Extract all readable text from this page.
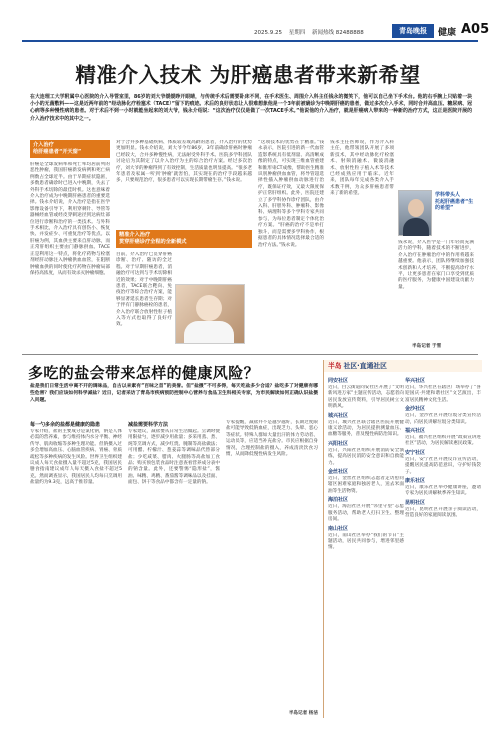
2025.9.25 星期四 新闻热线 82488888	青岛晚报	健康 A05
精准介入技术 为肝癌患者带来新希望
在大连理工大学附属中心医院的介入导管室里，86岁的刘大爷缓缓睁开眼睛，与传统手术后需要卧床不同，在手术医生、周围介入科主任钱永的微笑下，他可以自己坐下手术台。他的右手腕上只贴着一块小小的无菌敷料——这是近两年前的“经动脉化疗栓塞术（TACE）”留下的痕迹。术后的良好状态让人很难想象他是一个3年前被确诊为中晚期肝癌的患者，做过多次介入手术，同时合并高血压、糖尿病、冠心病等多种慢性病的患者。对于术后不到一小时就能坐起来的刘大爷，钱永介绍说：“这次治疗仅仅是做了一次TACE手术。”他说他的介入治疗，就是肝癌病人带来的一种新的治疗方式，这正是医院开展的介入治疗技术中的其中之一。
介入治疗
给肝癌患者“开天窗”
肝癌是全球发病率和死亡率均居前列的恶性肿瘤，我国肝癌新发病例和死亡病例数占全球近半。由于早期症状隐匿，多数患者确诊时已进入中晚期，失去了外科手术切除的最佳时机。这也意味着介入治疗成为中晚期肝癌患者的重要选择。钱永介绍说，介入治疗是指在医学影像设备引导下，利用穿刺针、导管等器械经血管或经皮穿刺途径到达病灶部位进行诊断和治疗的一类技术。与外科手术相比，介入治疗具有创伤小、恢复快、并发症少、可重复治疗等优点。以肝癌为例，其血供主要来自肝动脉，而正常肝组织主要由门静脉供血。TACE正是利用这一特点，将化疗药物与栓塞剂经肝动脉注入肿瘤供血血管，在阻断肿瘤血供的同时使化疗药物在肿瘤局部保持高浓度，从而有效杀灭肿瘤细胞。
对于合并多种基础疾病、体质较差或高龄的患者，介入治疗的优势更加明显。钱永介绍说，刘大爷今年86岁，3年前确诊肝癌时肿瘤已经较大，合并多种慢性病，无法耐受外科手术。医院多学科团队讨论后为其制定了以介入治疗为主的综合治疗方案。经过多次治疗，刘大爷的肿瘤得到了有效控制，生活质量也明显提高。“很多老年患者及家属一听到‘肿瘤’就害怕，其实现在的治疗手段越来越多，只要规范治疗，很多患者可以实现长期带瘤生存。”钱永说。
精准介入治疗
贯穿肝癌诊疗全程的全新模式
目前，介入治疗已贯穿肝癌诊断、治疗、随访的全过程。对于早期肝癌患者，消融治疗可达到与手术切除相近的效果；对于中晚期肝癌患者，TACE联合靶向、免疫治疗等综合治疗方案，能够显著延长患者生存期；对于伴有门静脉癌栓的患者，介入治疗联合放射性粒子植入等方式也取得了良好疗效。
“这项技术的优势在于精准。”钱永表示，医院引进的新一代血管造影系统具有低剂量、高清晰成像的特点，可实现三维血管重建和锥形束CT成像，帮助医生精准识别肿瘤供血血管，将导管超选择性插入肿瘤供血动脉进行治疗，既保证疗效，又最大限度保护正常肝组织。此外，医院还建立了多学科协作诊疗团队，由介入科、肝胆外科、肿瘤科、影像科、病理科等多个学科专家共同参与，为每位患者制定个体化治疗方案。“肝癌的治疗不是单打独斗，而是需要多学科协作，根据患者的具体情况选择最合适的治疗方法。”钱永说。
钱永主任医师说，作为介入科主任，他带领团队开展了多项新技术，其中经动脉化疗栓塞术、射频消融术、微波消融术、放射性粒子植入术等技术已经成熟应用于临床。近年来，团队每年完成各类介入手术数千例，为众多肝癌患者带来了新的希望。	学科带头人
托起肝癌患者“生的希望”
钱永说，介入医学是一门年轻而充满活力的学科，随着技术的不断进步，介入治疗在肿瘤治疗中的作用将越来越重要。他表示，团队将继续加强技术创新和人才培养，不断提高诊疗水平，让更多患者在家门口享受到优质的医疗服务，为健康中国建设贡献力量。
半岛记者 于雪
多吃的盐会带来怎样的健康风险？
盐是我们日常生活中离不开的调味品，自古以来素有“百味之首”的美誉。但“盐摄”不可多得，每天吃盐多少合适？盐吃多了对健康有哪些危害？我们应该如何科学减盐？近日，记者采访了青岛市疾病预防控制中心营养与食品卫生科相关专家，为市民解读如何正确认识盐摄入问题。
每一勺多余的盐都是健康的隐患
专家介绍，盐的主要成分是氯化钠，钠是人体必需的营养素，参与维持体内水分平衡、神经传导、肌肉收缩等多种生理功能。但钠摄入过多会增加高血压、心脑血管疾病、胃癌、骨质疏松等多种疾病的发生风险。世界卫生组织建议成人每天食盐摄入量不超过5克，我国居民膳食指南建议成年人每天摄入食盐不超过5克。然而调查显示，我国居民人均每日烹调用盐量约为9.3克，远高于推荐量。
减盐需要科学方法
专家建议，减盐要从日常生活做起。烹调时使用限盐勺，逐步减少用盐量；多采用蒸、煮、炖等烹调方式，减少红烧、腌制等高盐做法；可用醋、柠檬汁、葱姜蒜等调味品代替部分盐；少吃咸菜、腊肉、火腿肠等高盐加工食品；购买预包装食品时注意查看营养成分表中的钠含量。此外，还要警惕“隐形盐”，酱油、味精、鸡精、番茄酱等调味品以及挂面、面包、饼干等食品中都含有一定量的钠。
专家提醒，减盐并不是越少越好，长期过度限盐可能导致低钠血症，出现乏力、头晕、恶心等症状。特殊人群如大量出汗的体力劳动者、运动员等，应适当补充盐分。市民应根据自身情况，合理控制盐的摄入，养成清淡饮食习惯，从而降低慢性病发生风险。
半岛记者 杨洁
半岛 社区·直通社区
同安社区
近日，白云街道同安社区开展了“文明新风进万家”主题宣传活动，志愿者向居民发放宣传资料，引导居民树立文明新风。
城兴社区
近日，城兴社区联合辖区医院开展健康义诊活动，为居民提供测量血压、血糖等服务，普及慢性病防治知识。
兴阳社区
近日，兴阳社区组织开展消防安全演练，提高居民消防安全意识和自救能力。
金丝社区
近日，金丝社区组织志愿者走访慰问辖区困难家庭和独居老人，送去米面油等生活物资。
海泊社区
近日，海泊社区开展“邻里守望”志愿服务活动，帮助老人打扫卫生、整理房间。
南山社区
近日，南山社区举办“我们的节日”主题活动，居民共同参与，增进邻里感情。
华兴社区
近日，华兴社区在辖区广场举办了“喜迎国庆·共建和谐社区”文艺演出，丰富居民精神文化生活。
金沙社区
近日，金沙社区开展垃圾分类宣传活动，向居民讲解垃圾分类知识。
福兴社区
近日，福兴社区组织开展“政策宣讲进社区”活动，为居民解读惠民政策。
安宁社区
近日，安宁社区开展反诈宣传活动，提醒居民提高防范意识，守护好钱袋子。
康乐社区
近日，康乐社区举办健康讲座，邀请专家为居民讲解秋季养生知识。
昆明社区
近日，昆明社区开展亲子阅读活动，营造良好的家庭阅读氛围。
